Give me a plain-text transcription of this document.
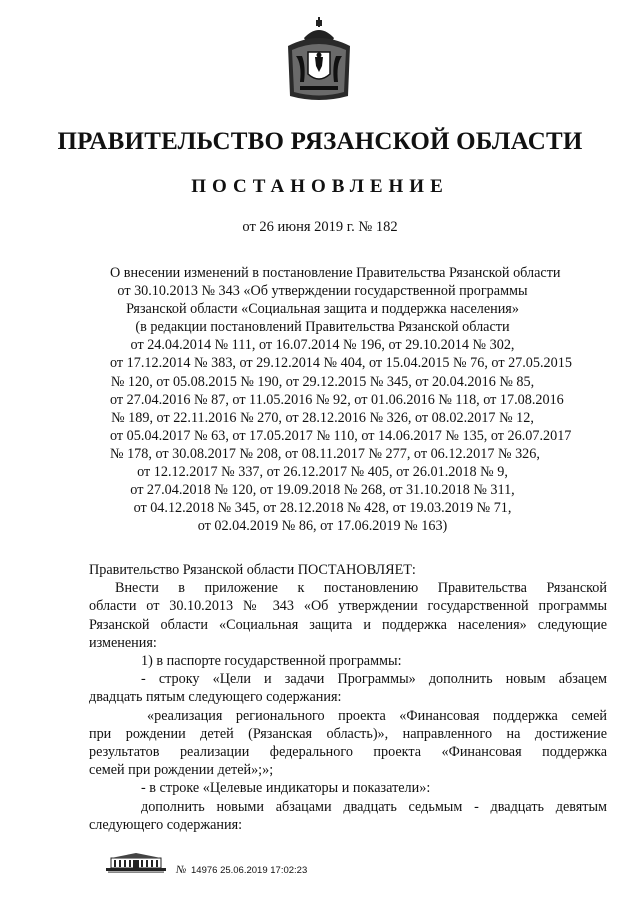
ПРАВИТЕЛЬСТВО РЯЗАНСКОЙ ОБЛАСТИ
ПОСТАНОВЛЕНИЕ
от 26 июня 2019 г. № 182
О внесении изменений в постановление Правительства Рязанской области
от 30.10.2013 № 343 «Об утверждении государственной программы
Рязанской области «Социальная защита и поддержка населения»
(в редакции постановлений Правительства Рязанской области
от 24.04.2014 № 111, от 16.07.2014 № 196, от 29.10.2014 № 302,
от 17.12.2014 № 383, от 29.12.2014 № 404, от 15.04.2015 № 76, от 27.05.2015
№ 120, от 05.08.2015 № 190, от 29.12.2015 № 345, от 20.04.2016 № 85,
от 27.04.2016 № 87, от 11.05.2016 № 92, от 01.06.2016 № 118, от 17.08.2016
№ 189, от 22.11.2016 № 270, от 28.12.2016 № 326, от 08.02.2017 № 12,
от 05.04.2017 № 63, от 17.05.2017 № 110, от 14.06.2017 № 135, от 26.07.2017
№ 178, от 30.08.2017 № 208, от 08.11.2017 № 277, от 06.12.2017 № 326,
от 12.12.2017 № 337, от 26.12.2017 № 405, от 26.01.2018 № 9,
от 27.04.2018 № 120, от 19.09.2018 № 268, от 31.10.2018 № 311,
от 04.12.2018 № 345, от 28.12.2018 № 428, от 19.03.2019 № 71,
от 02.04.2019 № 86, от 17.06.2019 № 163)
Правительство Рязанской области ПОСТАНОВЛЯЕТ:
Внести в приложение к постановлению Правительства Рязанской
области от 30.10.2013 № 343 «Об утверждении государственной программы
Рязанской области «Социальная защита и поддержка населения» следующие
изменения:
1) в паспорте государственной программы:
- строку «Цели и задачи Программы» дополнить новым абзацем
двадцать пятым следующего содержания:
«реализация регионального проекта «Финансовая поддержка семей
при рождении детей (Рязанская область)», направленного на достижение
результатов реализации федерального проекта «Финансовая поддержка
семей при рождении детей»;»;
- в строке «Целевые индикаторы и показатели»:
дополнить новыми абзацами двадцать седьмым - двадцать девятым
следующего содержания:
№ 14976 25.06.2019 17:02:23
